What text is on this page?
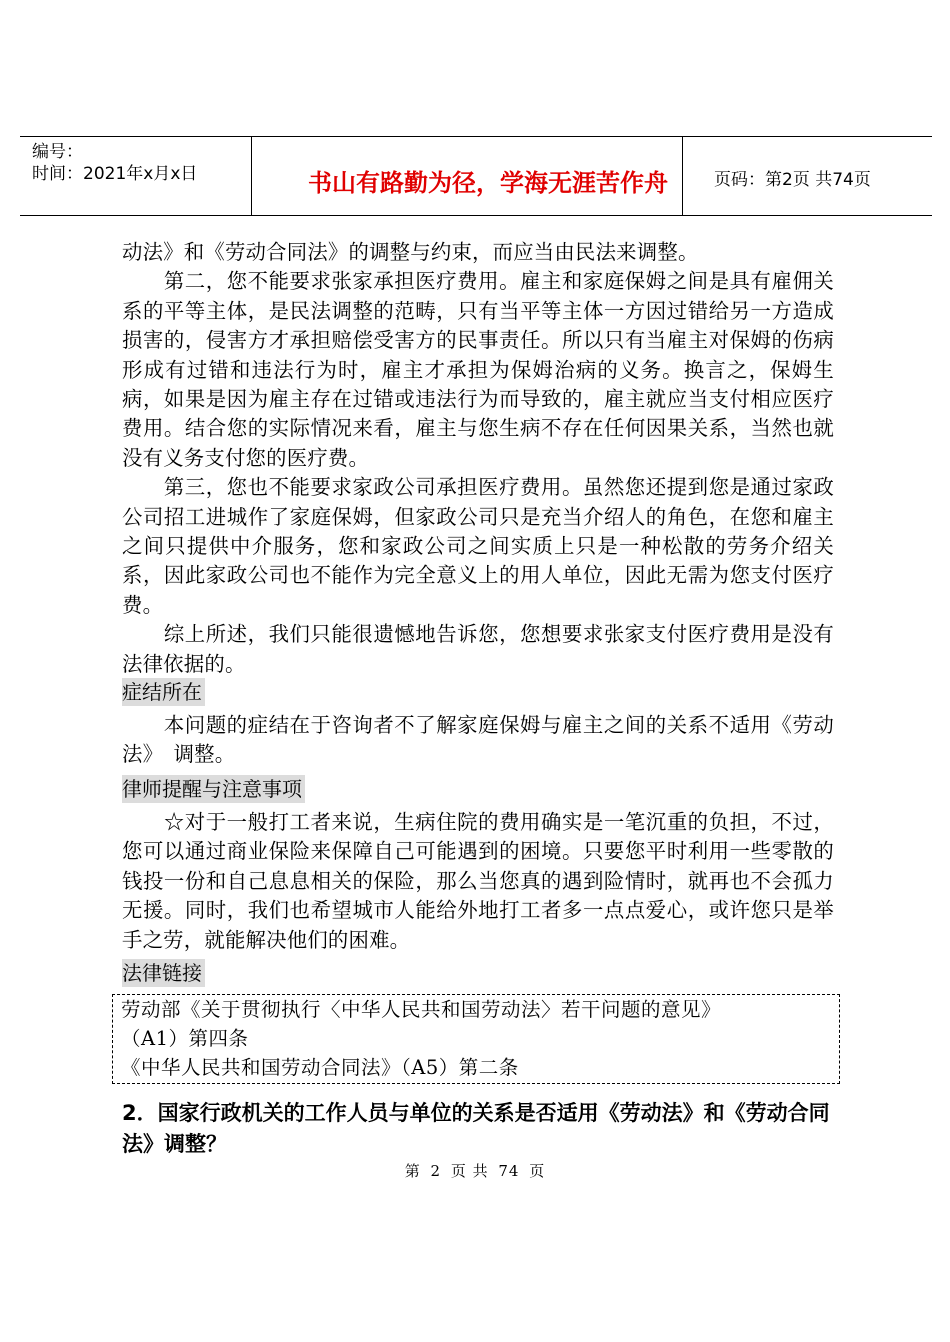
编号：
时间：2021年x月x日	书山有路勤为径，学海无涯苦作舟	页码：第2页 共74页

动法》和《劳动合同法》的调整与约束，而应当由民法来调整。

第二，您不能要求张家承担医疗费用。雇主和家庭保姆之间是具有雇佣关系的平等主体，是民法调整的范畴，只有当平等主体一方因过错给另一方造成损害的，侵害方才承担赔偿受害方的民事责任。所以只有当雇主对保姆的伤病形成有过错和违法行为时，雇主才承担为保姆治病的义务。换言之，保姆生病，如果是因为雇主存在过错或违法行为而导致的，雇主就应当支付相应医疗费用。结合您的实际情况来看，雇主与您生病不存在任何因果关系，当然也就没有义务支付您的医疗费。

第三，您也不能要求家政公司承担医疗费用。虽然您还提到您是通过家政公司招工进城作了家庭保姆，但家政公司只是充当介绍人的角色，在您和雇主之间只提供中介服务，您和家政公司之间实质上只是一种松散的劳务介绍关系，因此家政公司也不能作为完全意义上的用人单位，因此无需为您支付医疗费。

综上所述，我们只能很遗憾地告诉您，您想要求张家支付医疗费用是没有法律依据的。

症结所在

本问题的症结在于咨询者不了解家庭保姆与雇主之间的关系不适用《劳动法》　调整。

律师提醒与注意事项

☆对于一般打工者来说，生病住院的费用确实是一笔沉重的负担，不过，您可以通过商业保险来保障自己可能遇到的困境。只要您平时利用一些零散的钱投一份和自己息息相关的保险，那么当您真的遇到险情时，就再也不会孤力无援。同时，我们也希望城市人能给外地打工者多一点点爱心，或许您只是举手之劳，就能解决他们的困难。

法律链接
劳动部《关于贯彻执行〈中华人民共和国劳动法〉若干问题的意见》
（A1）第四条
《中华人民共和国劳动合同法》（A5）第二条

2．国家行政机关的工作人员与单位的关系是否适用《劳动法》和《劳动合同法》调整？

第 2 页 共 74 页
